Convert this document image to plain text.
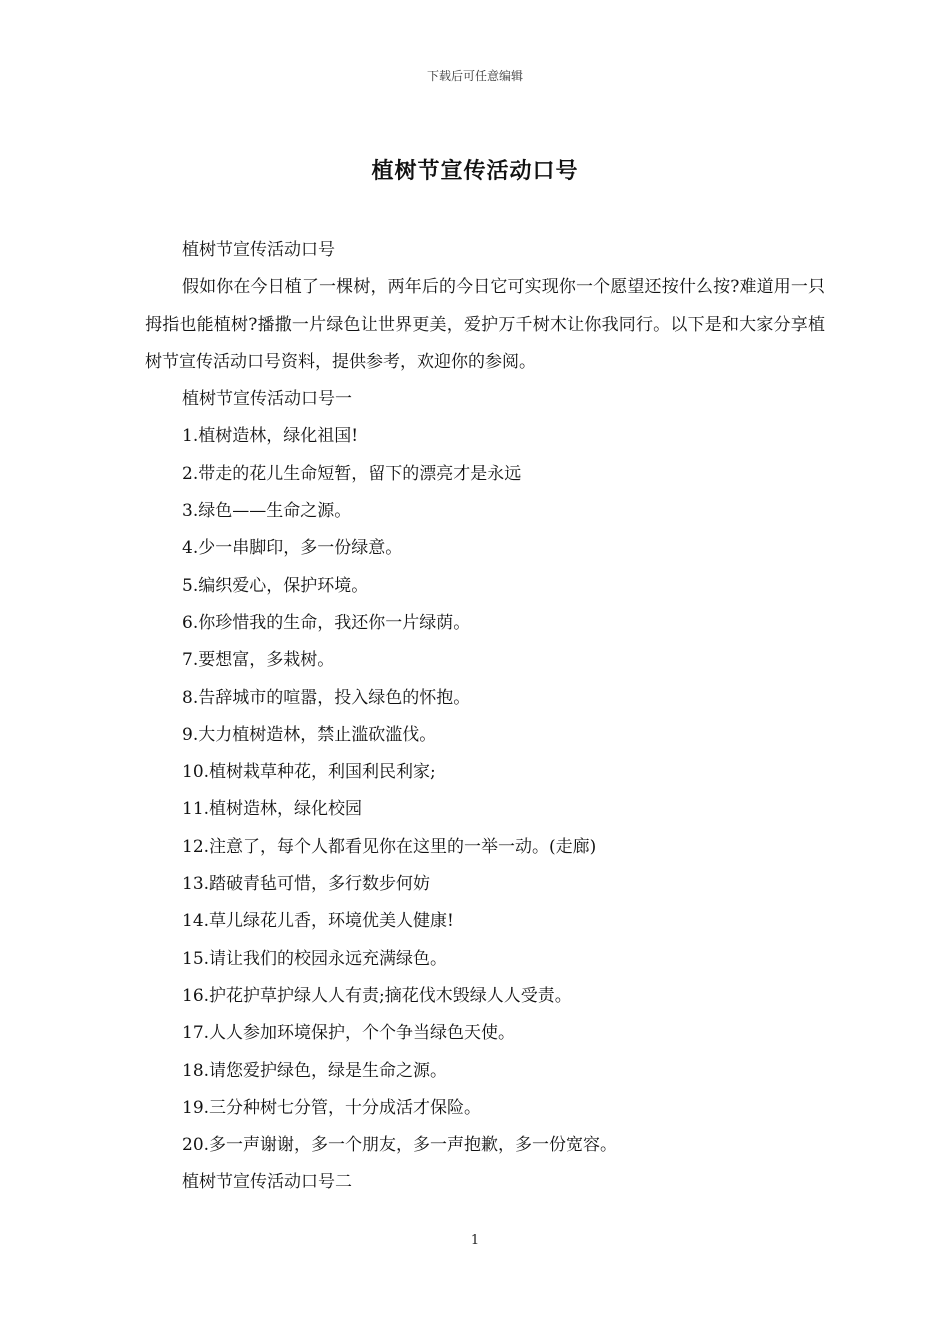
下载后可任意编辑
植树节宣传活动口号

植树节宣传活动口号

假如你在今日植了一棵树，两年后的今日它可实现你一个愿望还按什么按?难道用一只拇指也能植树?播撒一片绿色让世界更美，爱护万千树木让你我同行。以下是和大家分享植树节宣传活动口号资料，提供参考，欢迎你的参阅。

植树节宣传活动口号一

1.植树造林，绿化祖国!

2.带走的花儿生命短暂，留下的漂亮才是永远

3.绿色——生命之源。

4.少一串脚印，多一份绿意。

5.编织爱心，保护环境。

6.你珍惜我的生命，我还你一片绿荫。

7.要想富，多栽树。

8.告辞城市的喧嚣，投入绿色的怀抱。

9.大力植树造林，禁止滥砍滥伐。

10.植树栽草种花，利国利民利家;

11.植树造林，绿化校园

12.注意了，每个人都看见你在这里的一举一动。(走廊)

13.踏破青毡可惜，多行数步何妨

14.草儿绿花儿香，环境优美人健康!

15.请让我们的校园永远充满绿色。

16.护花护草护绿人人有责;摘花伐木毁绿人人受责。

17.人人参加环境保护，个个争当绿色天使。

18.请您爱护绿色，绿是生命之源。

19.三分种树七分管，十分成活才保险。

20.多一声谢谢，多一个朋友，多一声抱歉，多一份宽容。

植树节宣传活动口号二

1
